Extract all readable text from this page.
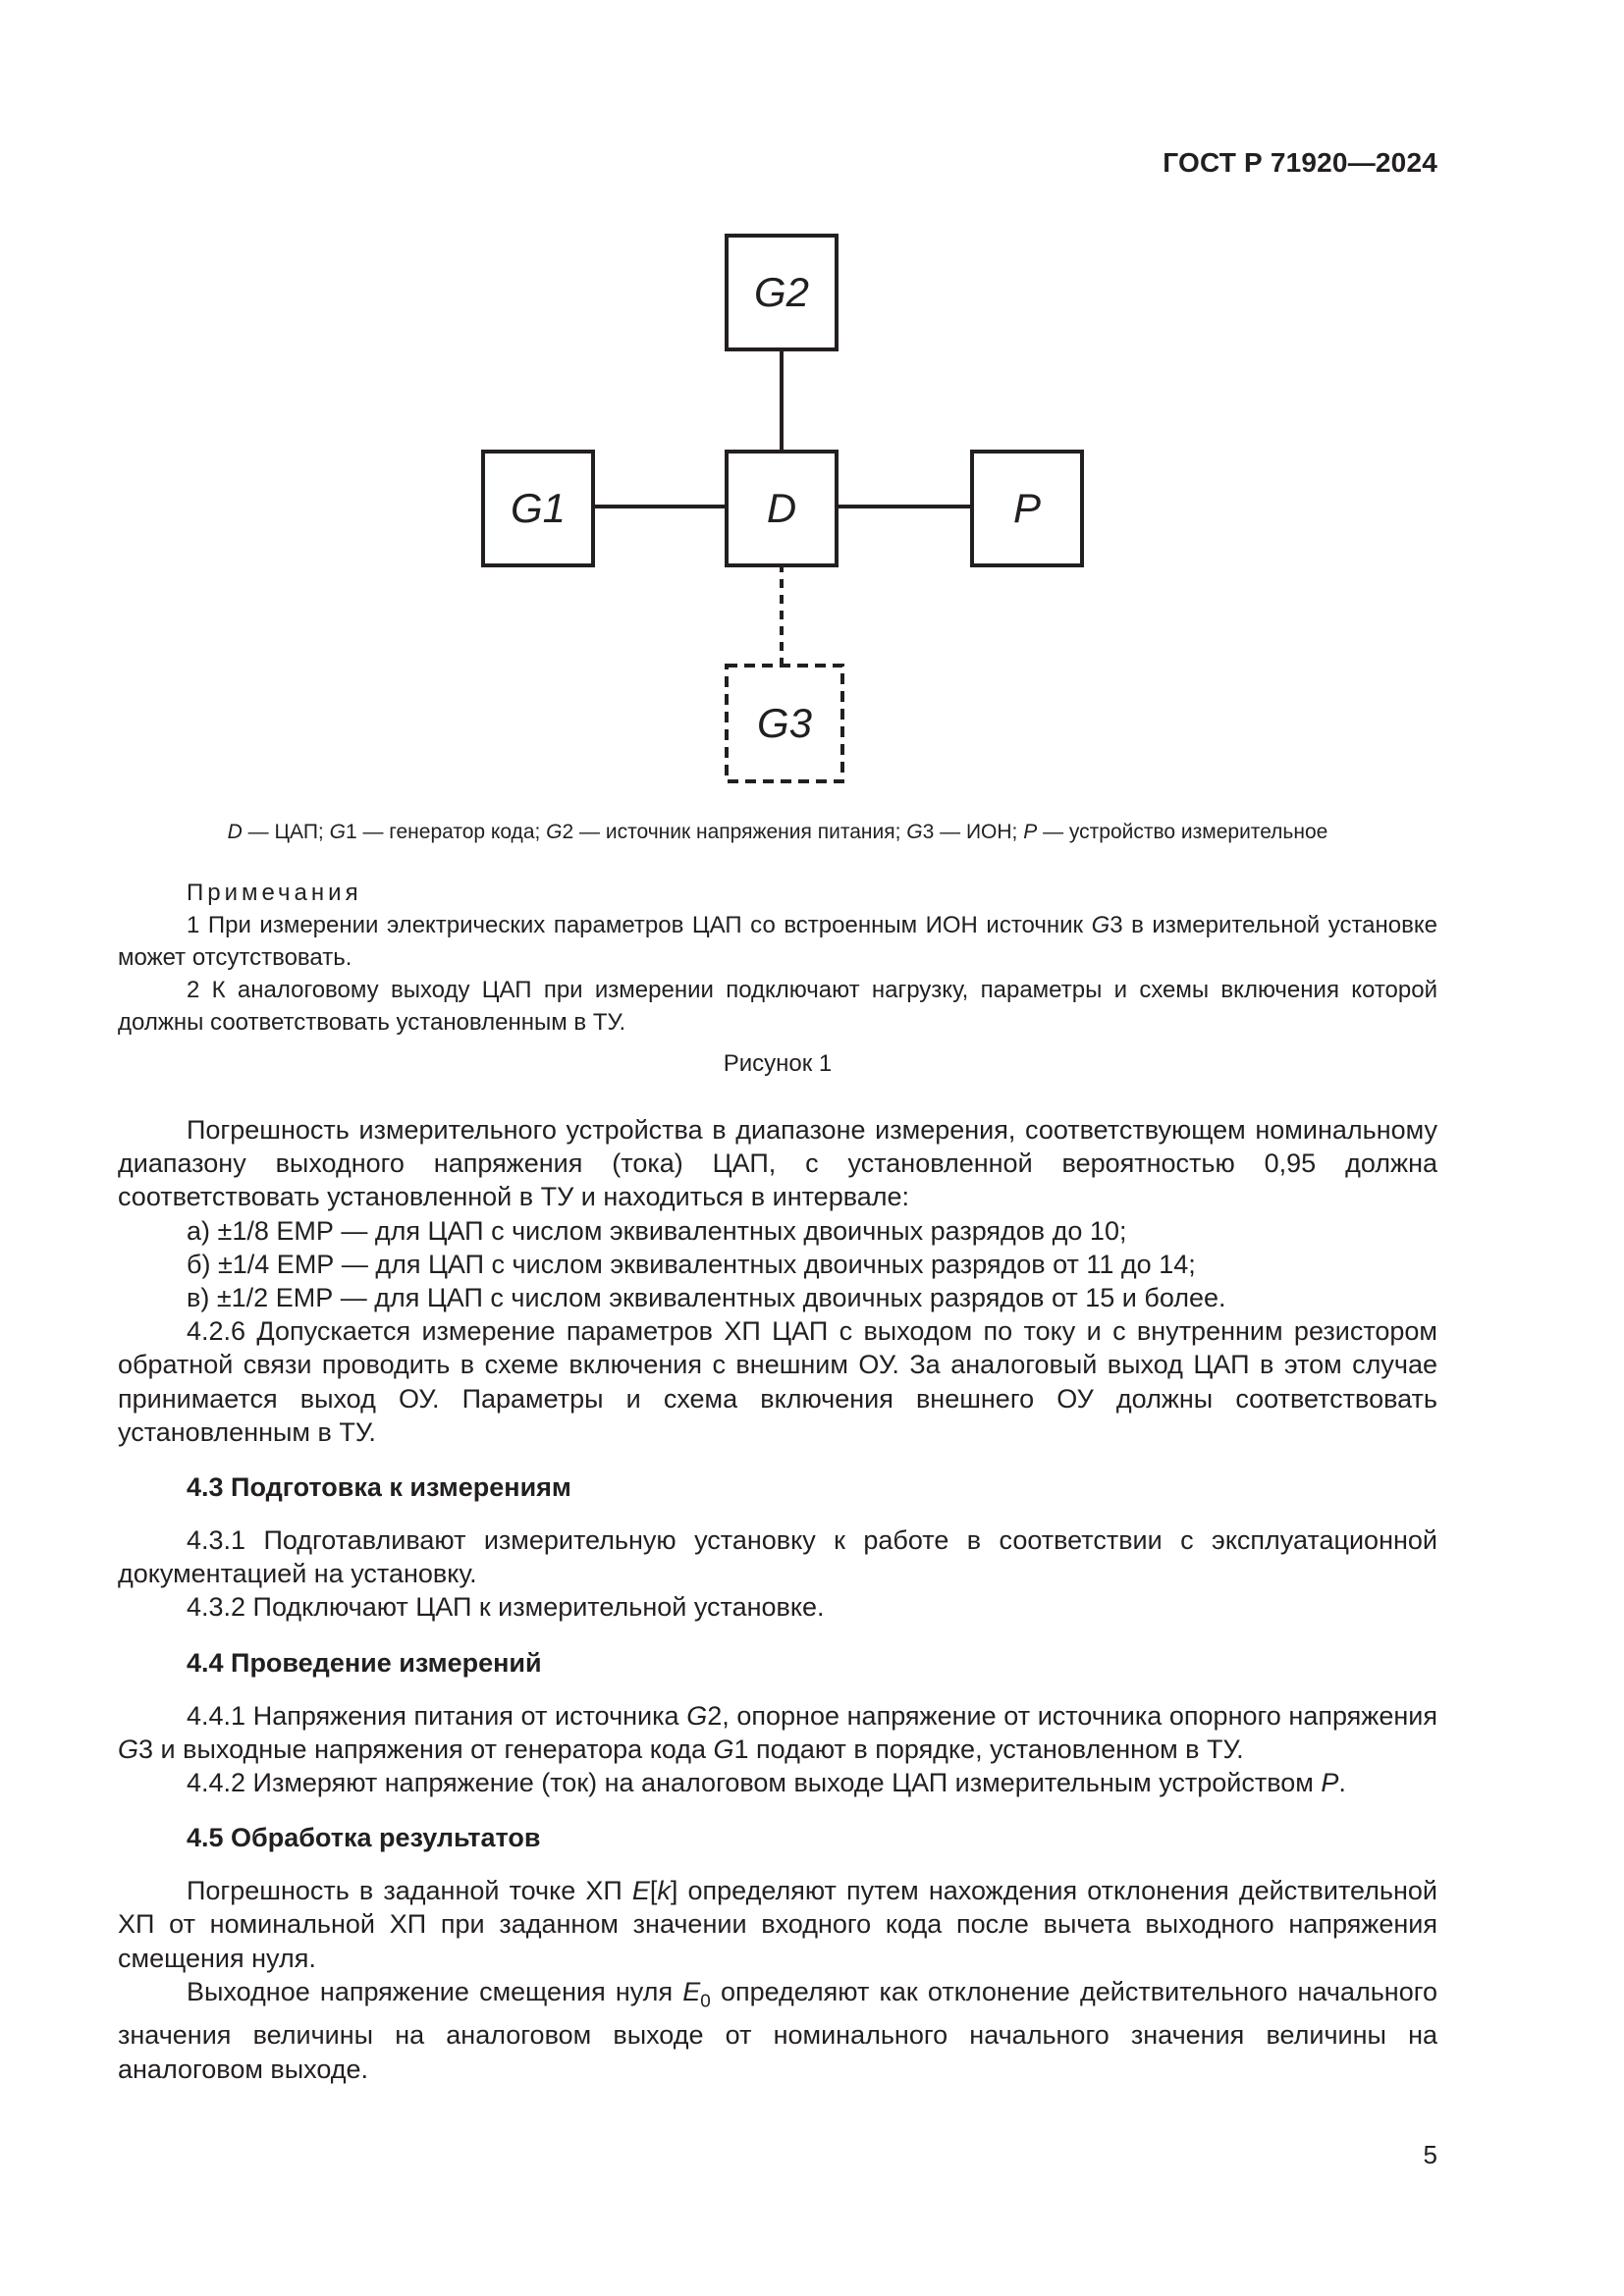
ГОСТ Р 71920—2024
G2
G1	D	P
G3
D — ЦАП; G1 — генератор кода; G2 — источник напряжения питания; G3 — ИОН; P — устройство измерительное
Примечания

1 При измерении электрических параметров ЦАП со встроенным ИОН источник G3 в измерительной установке может отсутствовать.

2 К аналоговому выходу ЦАП при измерении подключают нагрузку, параметры и схемы включения которой должны соответствовать установленным в ТУ.

Рисунок 1

Погрешность измерительного устройства в диапазоне измерения, соответствующем номинальному диапазону выходного напряжения (тока) ЦАП, с установленной вероятностью 0,95 должна соответствовать установленной в ТУ и находиться в интервале:

а) ±1/8 ЕМР — для ЦАП с числом эквивалентных двоичных разрядов до 10;

б) ±1/4 ЕМР — для ЦАП с числом эквивалентных двоичных разрядов от 11 до 14;

в) ±1/2 ЕМР — для ЦАП с числом эквивалентных двоичных разрядов от 15 и более.

4.2.6 Допускается измерение параметров ХП ЦАП с выходом по току и с внутренним резистором обратной связи проводить в схеме включения с внешним ОУ. За аналоговый выход ЦАП в этом случае принимается выход ОУ. Параметры и схема включения внешнего ОУ должны соответствовать установленным в ТУ.

4.3 Подготовка к измерениям

4.3.1 Подготавливают измерительную установку к работе в соответствии с эксплуатационной документацией на установку.

4.3.2 Подключают ЦАП к измерительной установке.

4.4 Проведение измерений

4.4.1 Напряжения питания от источника G2, опорное напряжение от источника опорного напряжения G3 и выходные напряжения от генератора кода G1 подают в порядке, установленном в ТУ.

4.4.2 Измеряют напряжение (ток) на аналоговом выходе ЦАП измерительным устройством P.

4.5 Обработка результатов

Погрешность в заданной точке ХП E[k] определяют путем нахождения отклонения действительной ХП от номинальной ХП при заданном значении входного кода после вычета выходного напряжения смещения нуля.

Выходное напряжение смещения нуля $E_0$ определяют как отклонение действительного начального значения величины на аналоговом выходе от номинального начального значения величины на аналоговом выходе.

5
